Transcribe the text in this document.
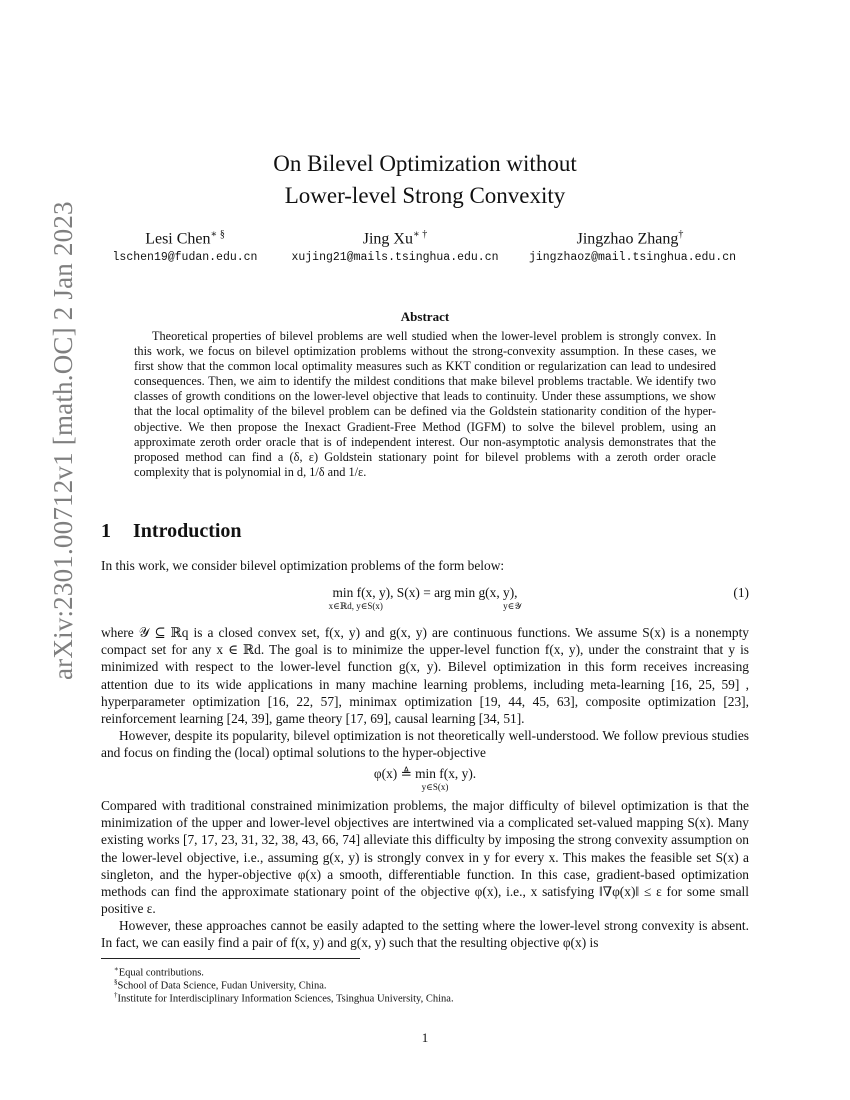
arXiv:2301.00712v1 [math.OC] 2 Jan 2023
On Bilevel Optimization without
Lower-level Strong Convexity
Lesi Chen∗ §
lschen19@fudan.edu.cn
Jing Xu∗ †
xujing21@mails.tsinghua.edu.cn
Jingzhao Zhang†
jingzhaoz@mail.tsinghua.edu.cn
Abstract
Theoretical properties of bilevel problems are well studied when the lower-level problem is strongly convex. In this work, we focus on bilevel optimization problems without the strong-convexity assumption. In these cases, we first show that the common local optimality measures such as KKT condition or regularization can lead to undesired consequences. Then, we aim to identify the mildest conditions that make bilevel problems tractable. We identify two classes of growth conditions on the lower-level objective that leads to continuity. Under these assumptions, we show that the local optimality of the bilevel problem can be defined via the Goldstein stationarity condition of the hyper-objective. We then propose the Inexact Gradient-Free Method (IGFM) to solve the bilevel problem, using an approximate zeroth order oracle that is of independent interest. Our non-asymptotic analysis demonstrates that the proposed method can find a (δ, ε) Goldstein stationary point for bilevel problems with a zeroth order oracle complexity that is polynomial in d, 1/δ and 1/ε.
1 Introduction
In this work, we consider bilevel optimization problems of the form below:
min f(x, y), S(x) = arg min g(x, y),
x∈ℝd, y∈S(x)	y∈𝒴
(1)
where 𝒴 ⊆ ℝq is a closed convex set, f(x, y) and g(x, y) are continuous functions. We assume S(x) is a nonempty compact set for any x ∈ ℝd. The goal is to minimize the upper-level function f(x, y), under the constraint that y is minimized with respect to the lower-level function g(x, y). Bilevel optimization in this form receives increasing attention due to its wide applications in many machine learning problems, including meta-learning [16, 25, 59] , hyperparameter optimization [16, 22, 57], minimax optimization [19, 44, 45, 63], composite optimization [23], reinforcement learning [24, 39], game theory [17, 69], causal learning [34, 51].
However, despite its popularity, bilevel optimization is not theoretically well-understood. We follow previous studies and focus on finding the (local) optimal solutions to the hyper-objective
φ(x) ≜ min f(x, y).
y∈S(x)
Compared with traditional constrained minimization problems, the major difficulty of bilevel optimization is that the minimization of the upper and lower-level objectives are intertwined via a complicated set-valued mapping S(x). Many existing works [7, 17, 23, 31, 32, 38, 43, 66, 74] alleviate this difficulty by imposing the strong convexity assumption on the lower-level objective, i.e., assuming g(x, y) is strongly convex in y for every x. This makes the feasible set S(x) a singleton, and the hyper-objective φ(x) a smooth, differentiable function. In this case, gradient-based optimization methods can find the approximate stationary point of the objective φ(x), i.e., x satisfying ‖∇φ(x)‖ ≤ ε for some small positive ε.
However, these approaches cannot be easily adapted to the setting where the lower-level strong convexity is absent. In fact, we can easily find a pair of f(x, y) and g(x, y) such that the resulting objective φ(x) is
∗Equal contributions.
§School of Data Science, Fudan University, China.
†Institute for Interdisciplinary Information Sciences, Tsinghua University, China.
1
